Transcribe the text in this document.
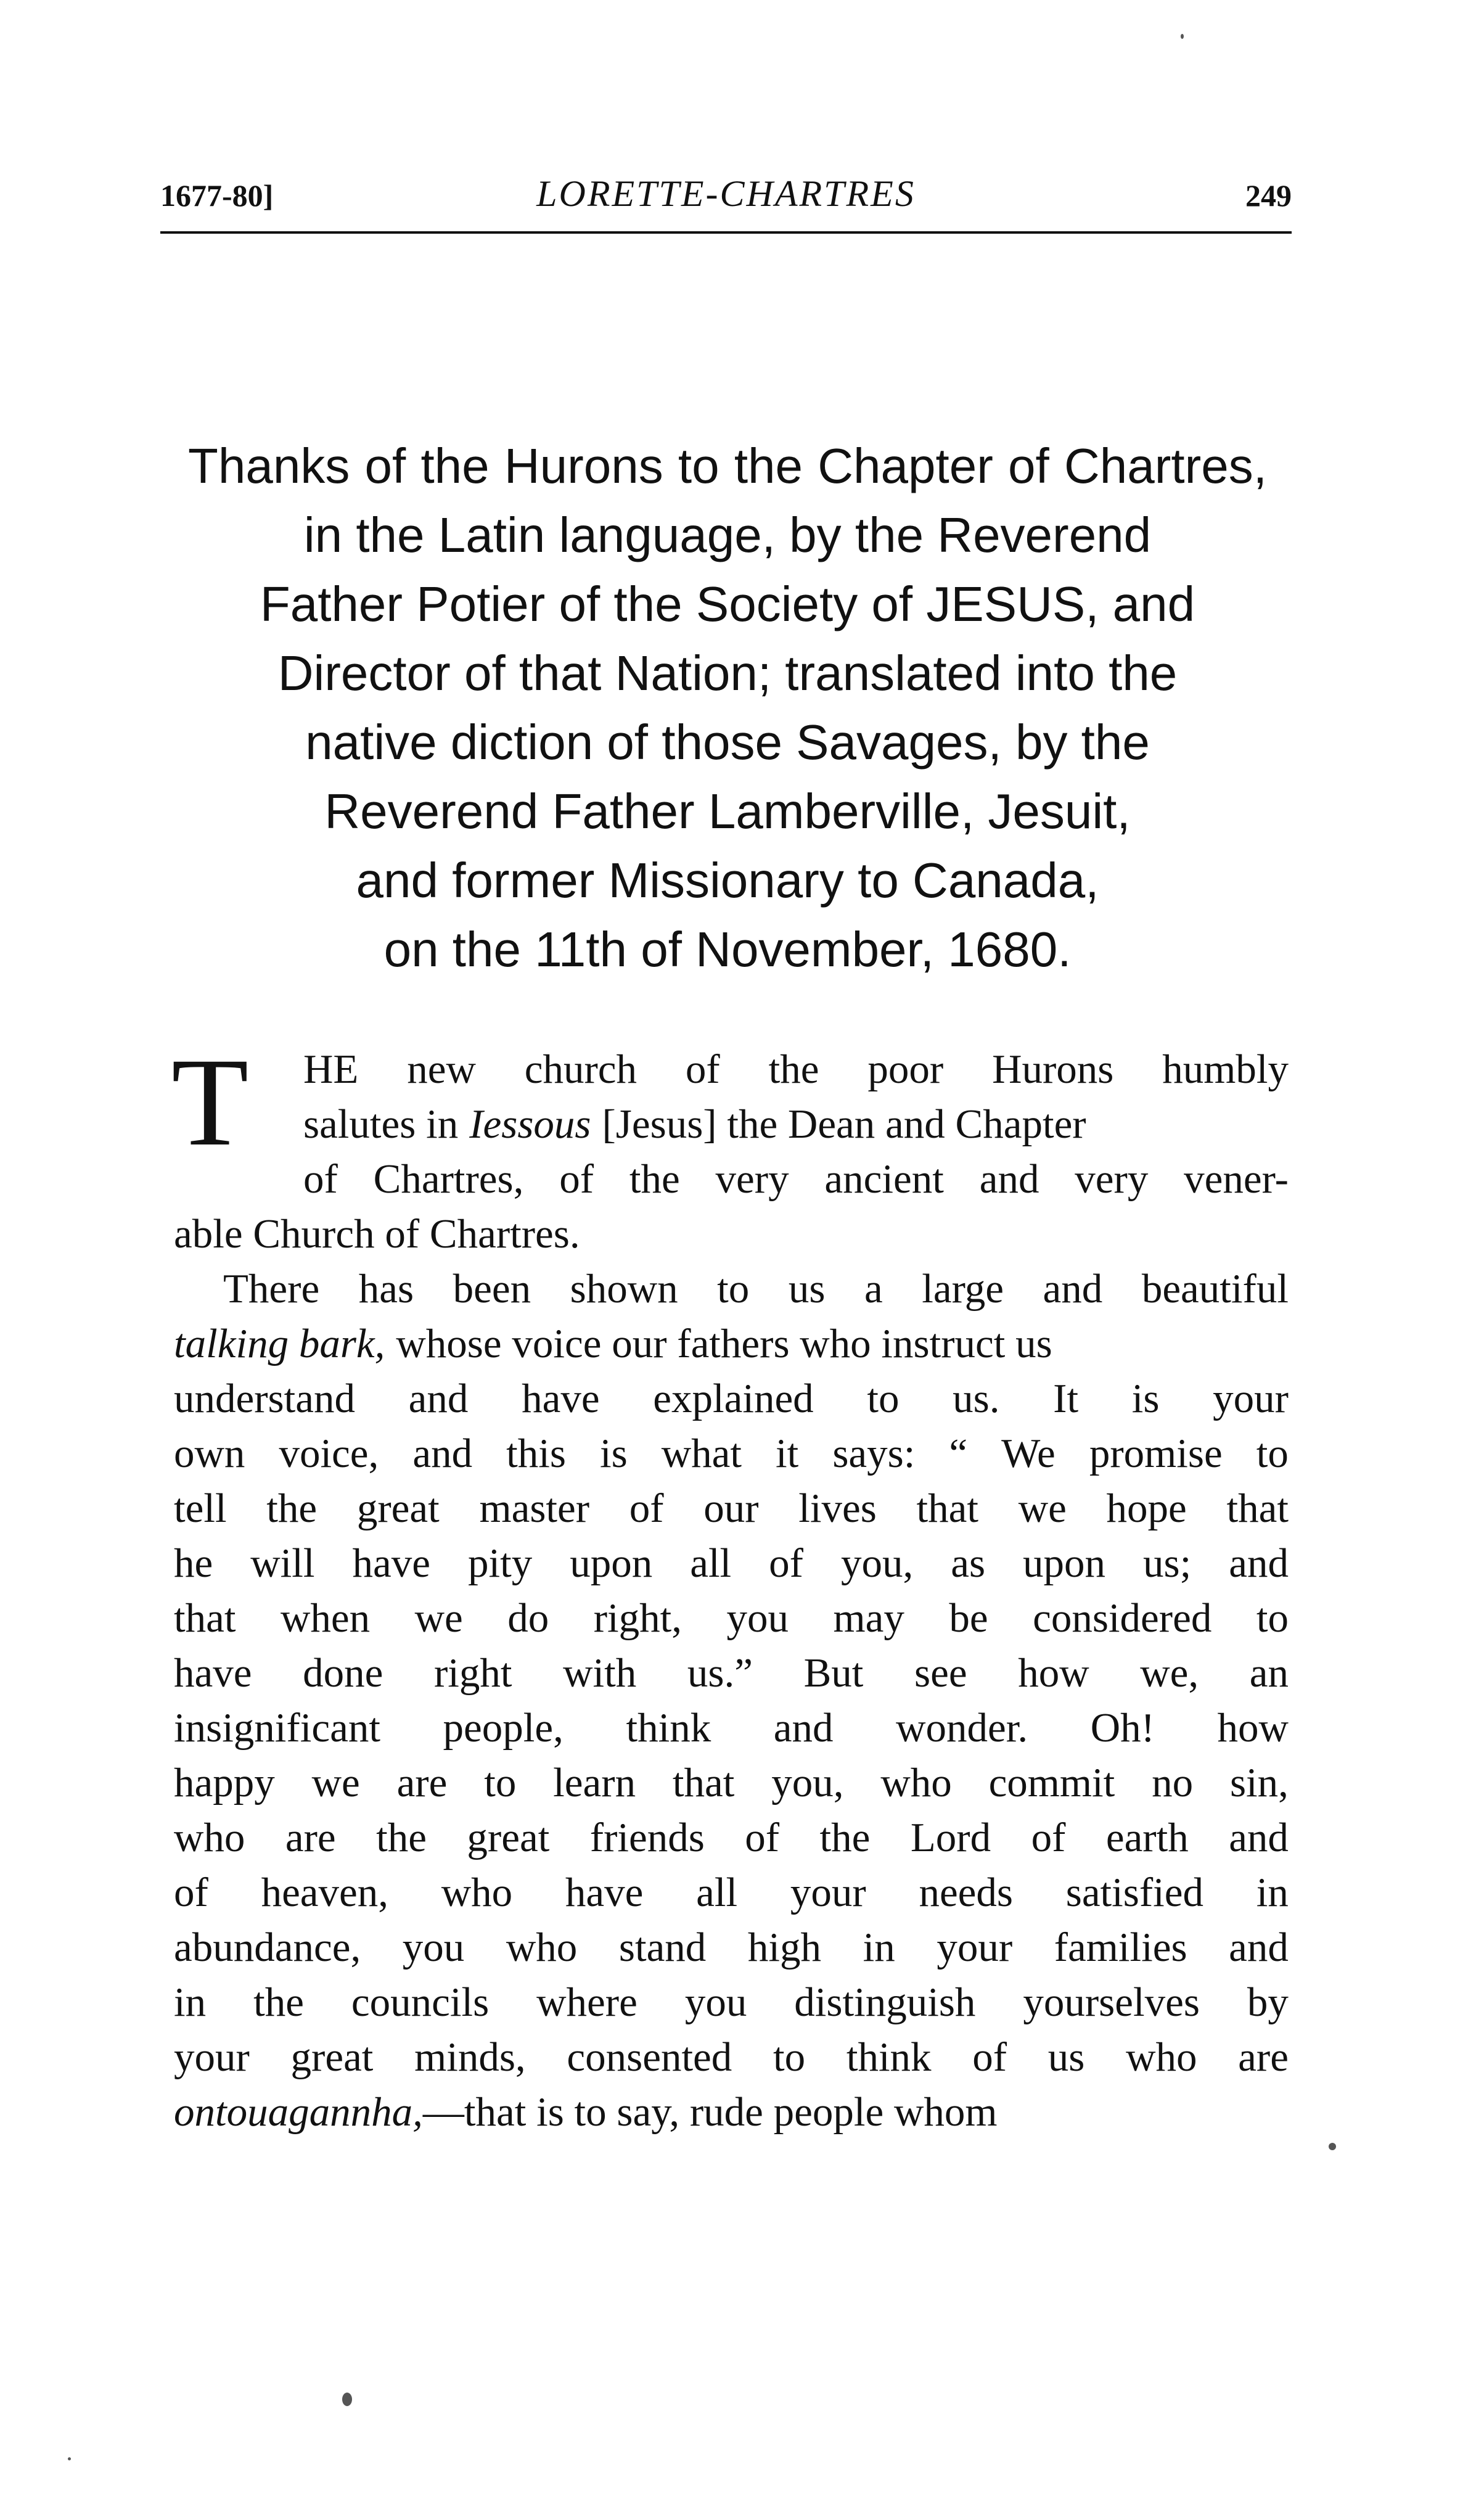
1677-80]	LORETTE-CHARTRES	249
Thanks of the Hurons to the Chapter of Chartres,
in the Latin language, by the Reverend
Father Potier of the Society of JESUS, and
Director of that Nation; translated into the
native diction of those Savages, by the
Reverend Father Lamberville, Jesuit,
and former Missionary to Canada,
on the 11th of November, 1680.
T HE new church of the poor Hurons humbly
salutes in Iessous [Jesus] the Dean and Chapter
of Chartres, of the very ancient and very vener-
able Church of Chartres.
There has been shown to us a large and beautiful
talking bark, whose voice our fathers who instruct us
understand and have explained to us. It is your
own voice, and this is what it says: “ We promise to
tell the great master of our lives that we hope that
he will have pity upon all of you, as upon us; and
that when we do right, you may be considered to
have done right with us.” But see how we, an
insignificant people, think and wonder. Oh! how
happy we are to learn that you, who commit no sin,
who are the great friends of the Lord of earth and
of heaven, who have all your needs satisfied in
abundance, you who stand high in your families and
in the councils where you distinguish yourselves by
your great minds, consented to think of us who are
ontouagannha, —that is to say, rude people whom
